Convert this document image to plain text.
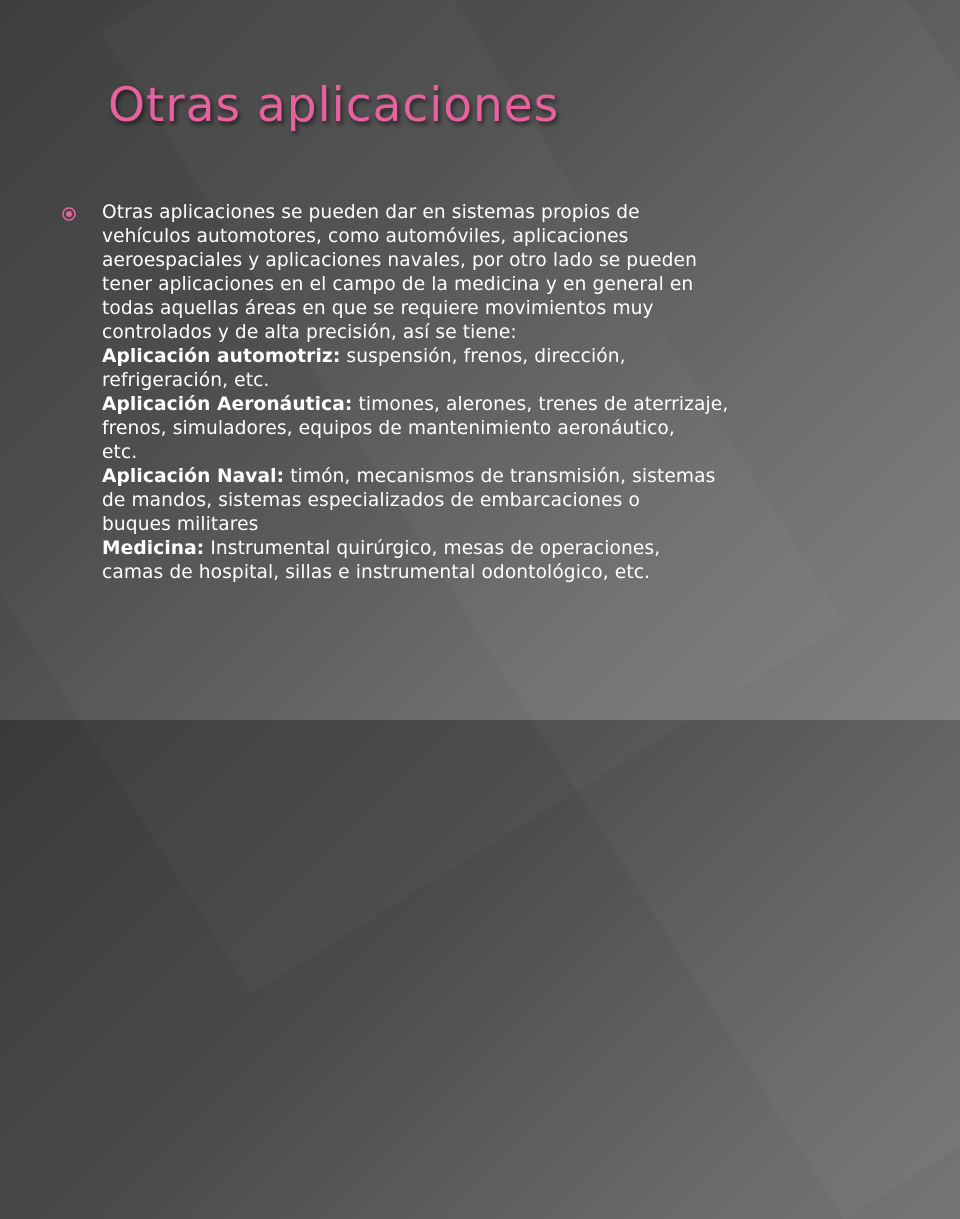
Otras aplicaciones
Otras aplicaciones se pueden dar en sistemas propios de
vehículos automotores, como automóviles, aplicaciones
aeroespaciales y aplicaciones navales, por otro lado se pueden
tener aplicaciones en el campo de la medicina y en general en
todas aquellas áreas en que se requiere movimientos muy
controlados y de alta precisión, así se tiene:
Aplicación automotriz: suspensión, frenos, dirección,
refrigeración, etc.
Aplicación Aeronáutica: timones, alerones, trenes de aterrizaje,
frenos, simuladores, equipos de mantenimiento aeronáutico,
etc.
Aplicación Naval: timón, mecanismos de transmisión, sistemas
de mandos, sistemas especializados de embarcaciones o
buques militares
Medicina: Instrumental quirúrgico, mesas de operaciones,
camas de hospital, sillas e instrumental odontológico, etc.
